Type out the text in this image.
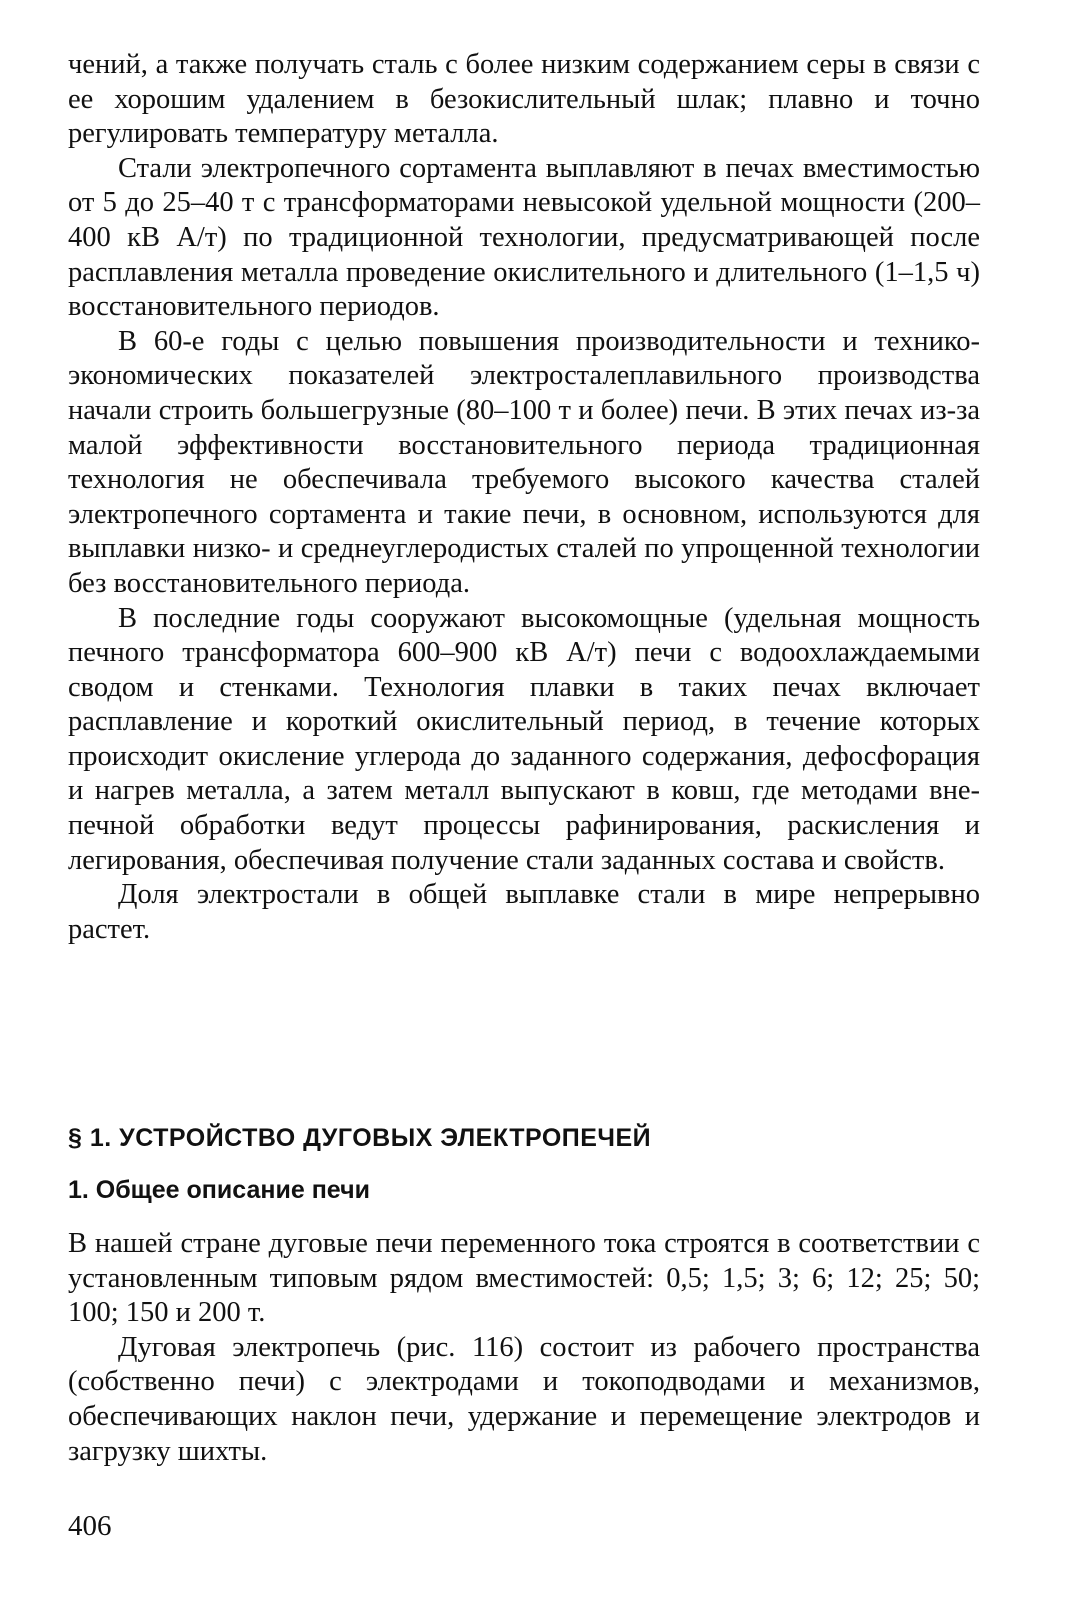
чений, а также получать сталь с более низким содержанием серы в связи с ее хорошим удалением в безокислительный шлак; плавно и точно регулировать температуру металла.

Стали электропечного сортамента выплавляют в печах вместимостью от 5 до 25–40 т с трансформаторами невысокой удельной мощности (200–400 кВ А/т) по традиционной технологии, предусматривающей после расплавления металла проведение окислительного и длительного (1–1,5 ч) восстановительного периодов.

В 60-е годы с целью повышения производительности и технико-экономических показателей электросталеплавильного производства начали строить большегрузные (80–100 т и более) печи. В этих печах из-за малой эффективности восстановительного периода традиционная технология не обеспечивала требуемого высокого качества сталей электропечного сортамента и такие печи, в основном, используются для выплавки низко- и среднеуглеродистых сталей по упрощенной технологии без восстановительного периода.

В последние годы сооружают высокомощные (удельная мощность печного трансформатора 600–900 кВ А/т) печи с водоохлаждаемыми сводом и стенками. Технология плавки в таких печах включает расплавление и короткий окислительный период, в течение которых происходит окисление углерода до заданного содержания, дефосфорация и нагрев металла, а затем металл выпускают в ковш, где методами внепечной обработки ведут процессы рафинирования, раскисления и легирования, обеспечивая получение стали заданных состава и свойств.

Доля электростали в общей выплавке стали в мире непрерывно растет.

§ 1. УСТРОЙСТВО ДУГОВЫХ ЭЛЕКТРОПЕЧЕЙ
1. Общее описание печи

В нашей стране дуговые печи переменного тока строятся в соответствии с установленным типовым рядом вместимостей: 0,5; 1,5; 3; 6; 12; 25; 50; 100; 150 и 200 т.

Дуговая электропечь (рис. 116) состоит из рабочего пространства (собственно печи) с электродами и токоподводами и механизмов, обеспечивающих наклон печи, удержание и перемещение электродов и загрузку шихты.

406
